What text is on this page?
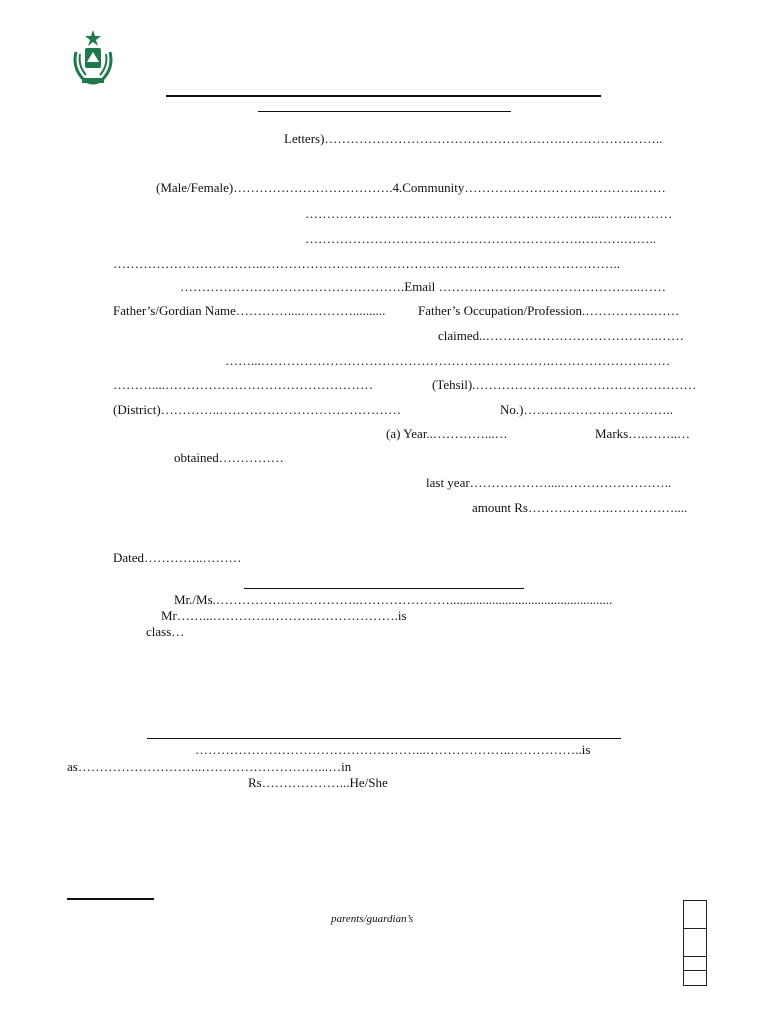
Letters)……………………………………………….…………….……..
(Male/Female)……………………………….4.Community…………………………………..……
…………………………………………………………...……..………
……………………………………………………….……….……..
……………………………..………………………………………………………………………..
…………………………………………….Email ………………………………………..……
Father’s/Gordian Name…………....…………..........	Father’s Occupation/Profession.…………….……
claimed..………………………………….……
……...………………………………………………………….………………….……
………....…………………………………………	(Tehsil).……………………………………………
(District)…………..……………………………………	No.)……………………………..
(a) Year..…………...…	Marks….……..…
obtained……………
last year………………....……………………..
amount Rs……………….……………....
Dated…………..………
Mr./Ms.……………..……………..…………………..................................................
Mr……...…………..………..……………….is
class…
……………………………………………...………………..……………..is
as………………………..………………………...…in
Rs………………...He/She
parents/guardian’s
